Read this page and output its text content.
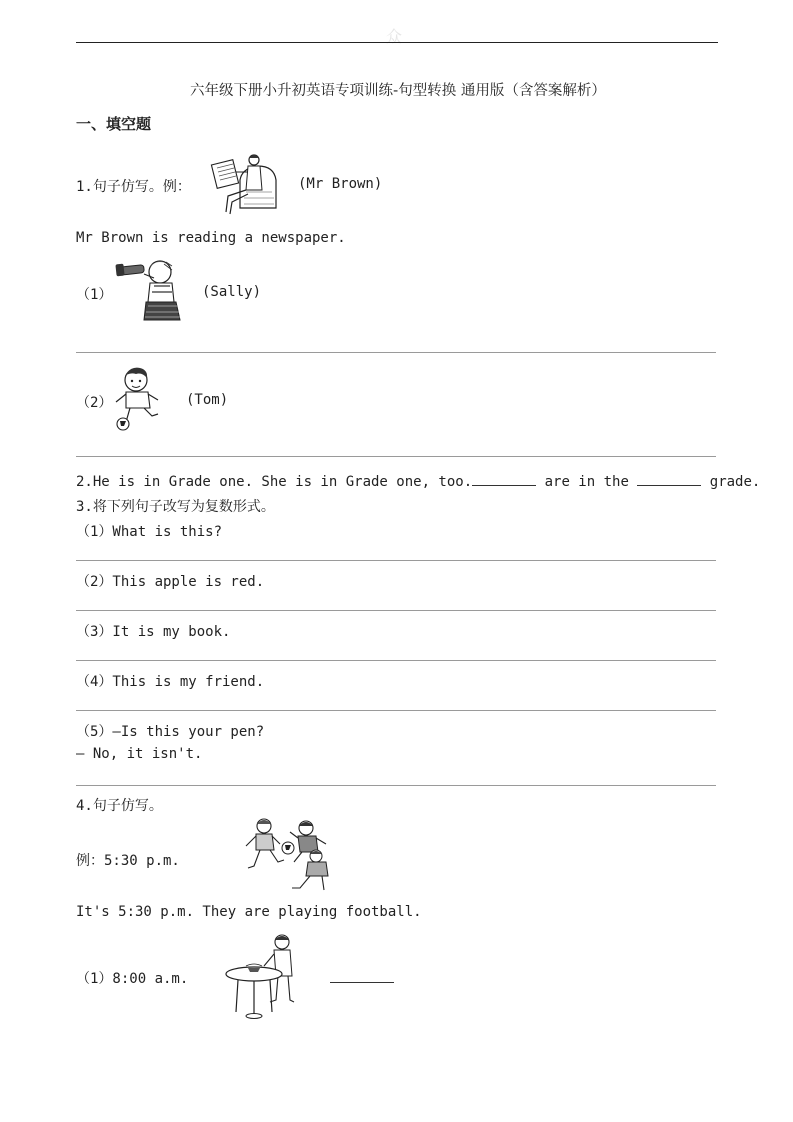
众
六年级下册小升初英语专项训练-句型转换 通用版（含答案解析）
一、填空题
1.句子仿写。例：	(Mr Brown)
Mr Brown is reading a newspaper.
（1）	(Sally)
（2）	(Tom)
2.He is in Grade one. She is in Grade one, too.	are in the	grade.
3.将下列句子改写为复数形式。
（1）What is this?
（2）This apple is red.
（3）It is my book.
（4）This is my friend.
（5）—Is this your pen?
— No, it isn't.
4.句子仿写。
例：5:30 p.m.
It's 5:30 p.m. They are playing football.
（1）8:00 a.m.
